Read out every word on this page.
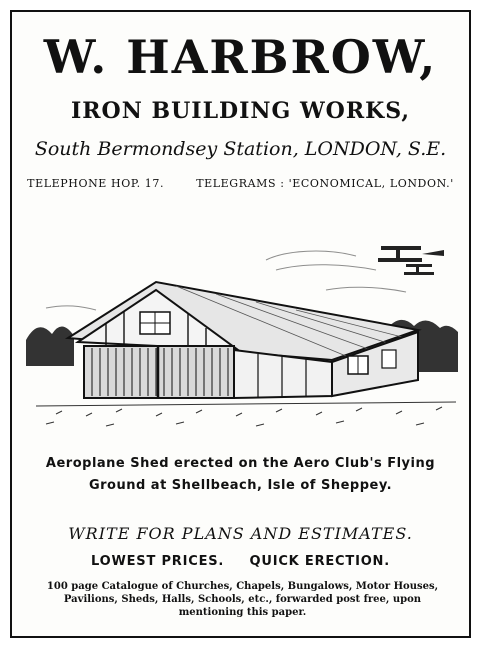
W. HARBROW,
IRON BUILDING WORKS,
South Bermondsey Station, LONDON, S.E.
TELEPHONE HOP. 17.	TELEGRAMS : 'ECONOMICAL, LONDON.'
Aeroplane Shed erected on the Aero Club's Flying
Ground at Shellbeach, Isle of Sheppey.
WRITE FOR PLANS AND ESTIMATES.
LOWEST PRICES. QUICK ERECTION.
100 page Catalogue of Churches, Chapels, Bungalows, Motor Houses, Pavilions, Sheds, Halls, Schools, etc., forwarded post free, upon mentioning this paper.
